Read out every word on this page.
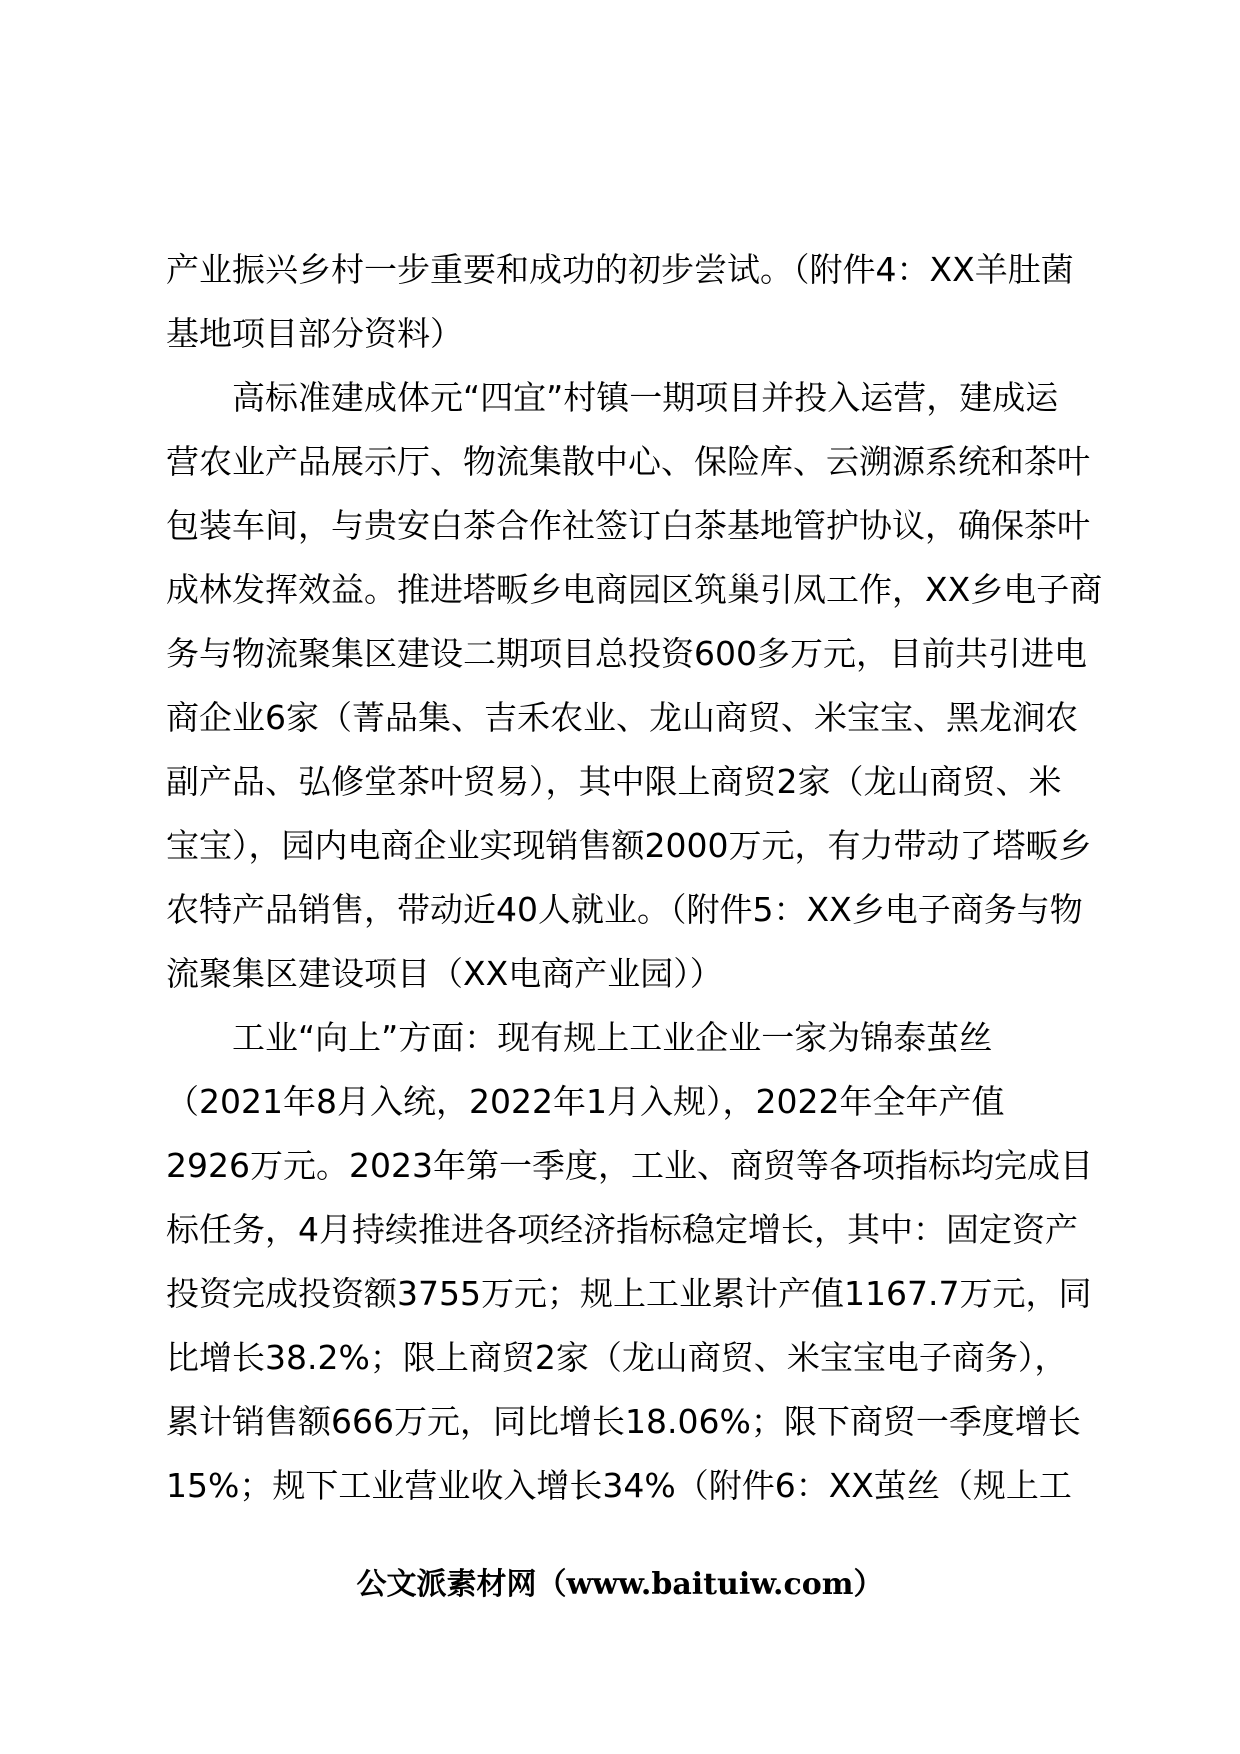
产业振兴乡村一步重要和成功的初步尝试。（附件4：XX羊肚菌
基地项目部分资料）
高标准建成体元“四宜”村镇一期项目并投入运营，建成运
营农业产品展示厅、物流集散中心、保险库、云溯源系统和茶叶
包装车间，与贵安白茶合作社签订白茶基地管护协议，确保茶叶
成林发挥效益。推进塔畈乡电商园区筑巢引凤工作，XX乡电子商
务与物流聚集区建设二期项目总投资600多万元，目前共引进电
商企业6家（菁品集、吉禾农业、龙山商贸、米宝宝、黑龙涧农
副产品、弘修堂茶叶贸易），其中限上商贸2家（龙山商贸、米
宝宝），园内电商企业实现销售额2000万元，有力带动了塔畈乡
农特产品销售，带动近40人就业。（附件5：XX乡电子商务与物
流聚集区建设项目（XX电商产业园））
工业“向上”方面：现有规上工业企业一家为锦泰茧丝
（2021年8月入统，2022年1月入规），2022年全年产值
2926万元。2023年第一季度，工业、商贸等各项指标均完成目
标任务，4月持续推进各项经济指标稳定增长，其中：固定资产
投资完成投资额3755万元；规上工业累计产值1167.7万元，同
比增长38.2%；限上商贸2家（龙山商贸、米宝宝电子商务），
累计销售额666万元，同比增长18.06%；限下商贸一季度增长
15%；规下工业营业收入增长34%（附件6：XX茧丝（规上工
公文派素材网（www.baituiw.com）
